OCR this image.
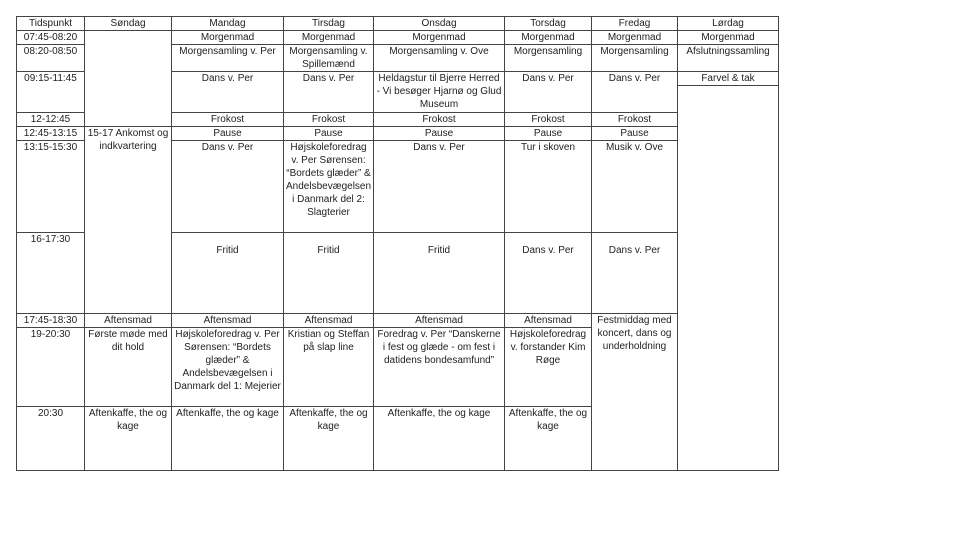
Tidspunkt	Søndag	Mandag	Tirsdag	Onsdag	Torsdag	Fredag	Lørdag	
07:45-08:20		Morgenmad	Morgenmad	Morgenmad	Morgenmad	Morgenmad	Morgenmad	
08:20-08:50		Morgensamling v. Per	Morgensamling v. Spillemænd	Morgensamling v. Ove	Morgensamling	Morgensamling	Afslutningssamling	
09:15-11:45		Dans v. Per	Dans v. Per	Heldagstur til Bjerre Herred - Vi besøger Hjarnø og Glud Museum	Dans v. Per	Dans v. Per	Farvel & tak	

12-12:45		Frokost	Frokost	Frokost	Frokost	Frokost		
12:45-13:15	15-17 Ankomst og indkvartering	Pause	Pause	Pause	Pause	Pause		
13:15-15:30		Dans v. Per	Højskoleforedrag v. Per Sørensen: “Bordets glæder” & Andelsbevægelsen i Danmark del 2: Slagterier	Dans v. Per	Tur i skoven	Musik v. Ove		
16-17:30		Fritid	Fritid	Fritid	Dans v. Per	Dans v. Per		

17:45-18:30	Aftensmad	Aftensmad	Aftensmad	Aftensmad	Aftensmad	Festmiddag med koncert, dans og underholdning		
19-20:30	Første møde med dit hold	Højskoleforedrag v. Per Sørensen: “Bordets glæder” & Andelsbevægelsen i Danmark del 1: Mejerier	Kristian og Steffan på slap line	Foredrag v. Per “Danskerne i fest og glæde - om fest i datidens bondesamfund”	Højskoleforedrag v. forstander Kim Røge			
20:30	Aftenkaffe, the og kage	Aftenkaffe, the og kage	Aftenkaffe, the og kage	Aftenkaffe, the og kage	Aftenkaffe, the og kage			
